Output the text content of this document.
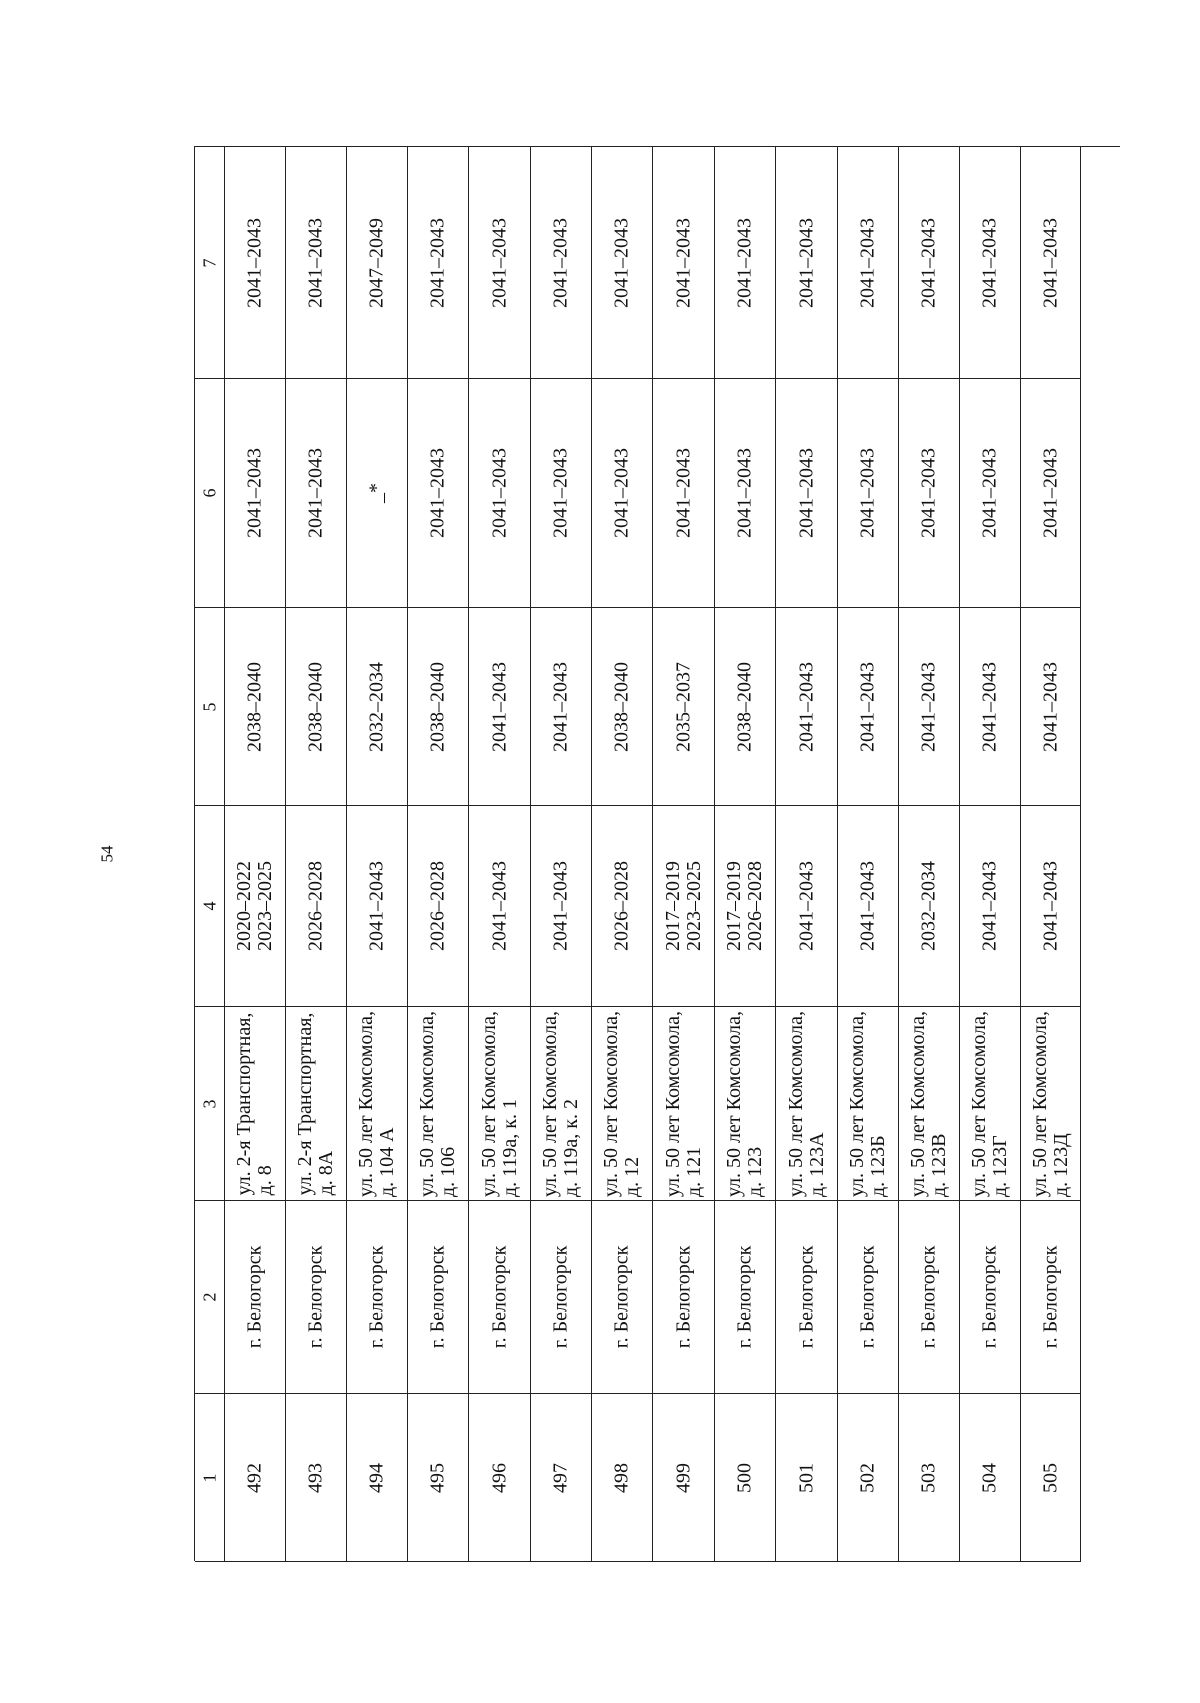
54
7 2041–2043 2041–2043 2047–2049 2041–2043 2041–2043 2041–2043 2041–2043 2041–2043 2041–2043 2041–2043 2041–2043 2041–2043 2041–2043 2041–2043
6 2041–2043 2041–2043 _* 2041–2043 2041–2043 2041–2043 2041–2043 2041–2043 2041–2043 2041–2043 2041–2043 2041–2043 2041–2043 2041–2043
5 2038–2040 2038–2040 2032–2034 2038–2040 2041–2043 2041–2043 2038–2040 2035–2037 2038–2040 2041–2043 2041–2043 2041–2043 2041–2043 2041–2043
4 2020–2022 2023–2025 2026–2028 2041–2043 2026–2028 2041–2043 2041–2043 2026–2028 2017–2019 2023–2025 2017–2019 2026–2028 2041–2043 2041–2043 2032–2034 2041–2043 2041–2043
3 ул. 2-я Транспортная, д. 8 ул. 2-я Транспортная, д. 8А ул. 50 лет Комсомола, д. 104 А ул. 50 лет Комсомола, д. 106 ул. 50 лет Комсомола, д. 119а, к. 1 ул. 50 лет Комсомола, д. 119а, к. 2 ул. 50 лет Комсомола, д. 12 ул. 50 лет Комсомола, д. 121 ул. 50 лет Комсомола, д. 123 ул. 50 лет Комсомола, д. 123А ул. 50 лет Комсомола, д. 123Б ул. 50 лет Комсомола, д. 123В ул. 50 лет Комсомола, д. 123Г ул. 50 лет Комсомола, д. 123Д
2 г. Белогорск г. Белогорск г. Белогорск г. Белогорск г. Белогорск г. Белогорск г. Белогорск г. Белогорск г. Белогорск г. Белогорск г. Белогорск г. Белогорск г. Белогорск г. Белогорск
1 492 493 494 495 496 497 498 499 500 501 502 503 504 505
